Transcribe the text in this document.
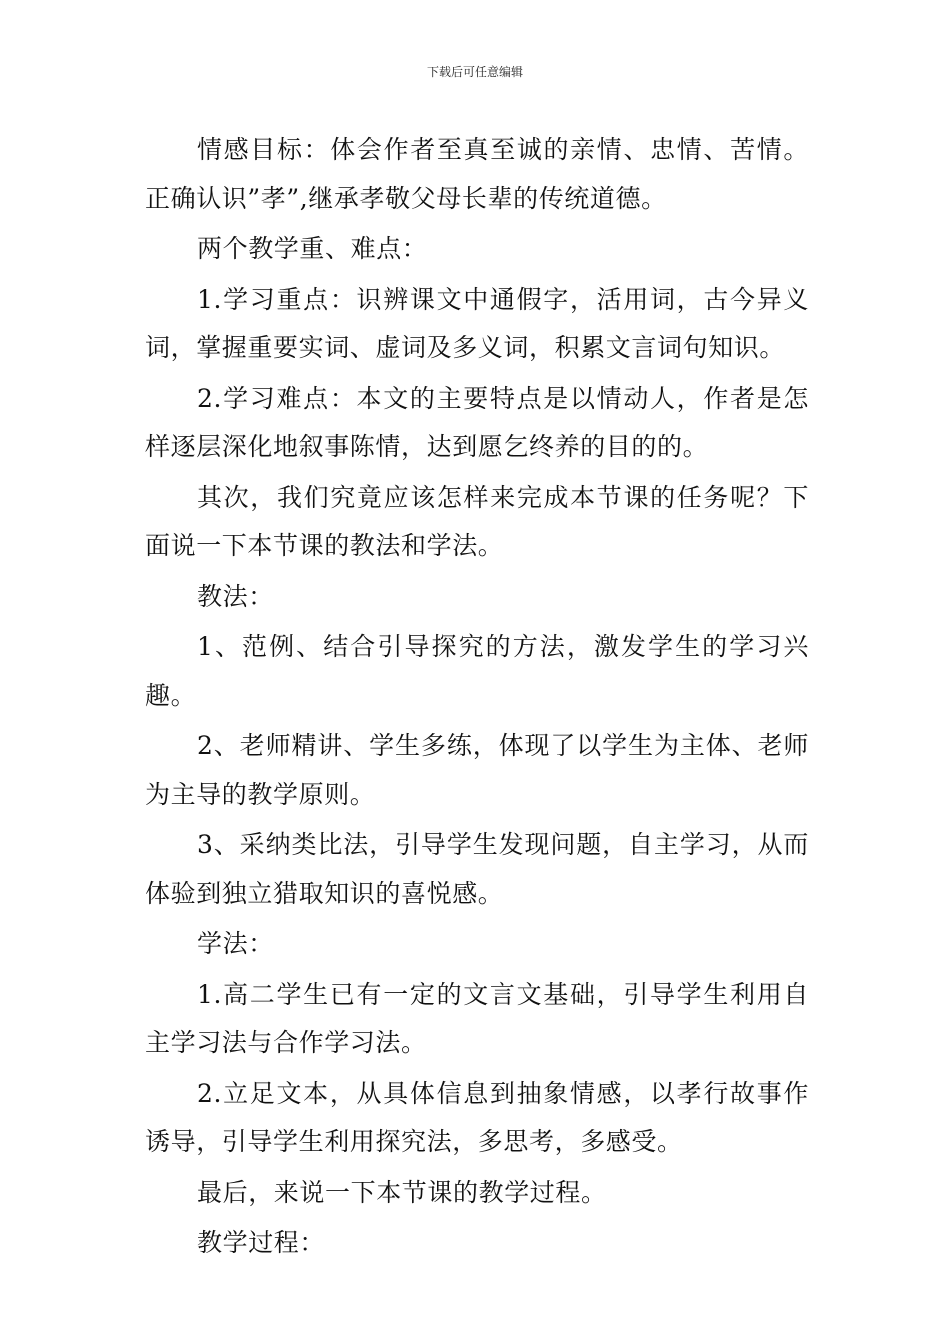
下载后可任意编辑

情感目标：体会作者至真至诚的亲情、忠情、苦情。正确认识”孝”,继承孝敬父母长辈的传统道德。

两个教学重、难点：

1.学习重点：识辨课文中通假字，活用词，古今异义词，掌握重要实词、虚词及多义词，积累文言词句知识。

2.学习难点：本文的主要特点是以情动人，作者是怎样逐层深化地叙事陈情，达到愿乞终养的目的的。

其次，我们究竟应该怎样来完成本节课的任务呢？下面说一下本节课的教法和学法。

教法：

1、范例、结合引导探究的方法，激发学生的学习兴趣。

2、老师精讲、学生多练，体现了以学生为主体、老师为主导的教学原则。

3、采纳类比法，引导学生发现问题，自主学习，从而体验到独立猎取知识的喜悦感。

学法：

1.高二学生已有一定的文言文基础，引导学生利用自主学习法与合作学习法。

2.立足文本，从具体信息到抽象情感，以孝行故事作诱导，引导学生利用探究法，多思考，多感受。

最后，来说一下本节课的教学过程。

教学过程：
